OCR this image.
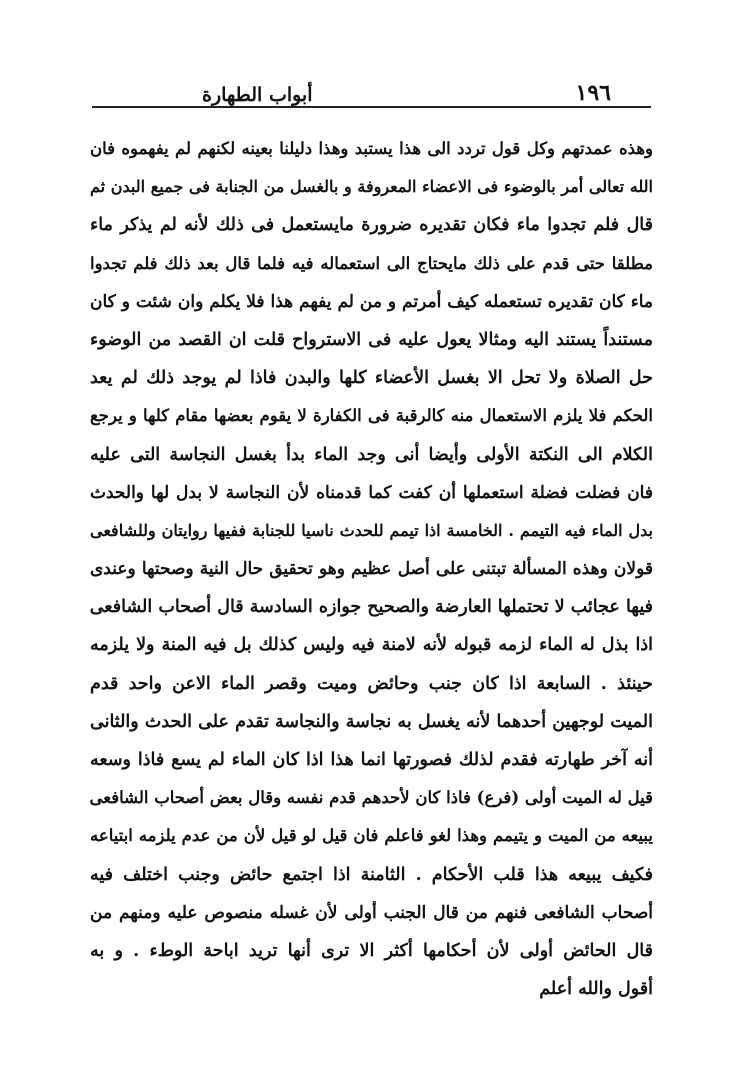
١٩٦
أبواب الطهارة
وهذه عمدتهم وكل قول تردد الى هذا يستبد وهذا دليلنا بعينه لكنهم لم يفهموه فان
الله تعالى أمر بالوضوء فى الاعضاء المعروفة و بالغسل من الجنابة فى جميع البدن ثم
قال فلم تجدوا ماء فكان تقديره ضرورة مايستعمل فى ذلك لأنه لم يذكر ماء
مطلقا حتى قدم على ذلك مايحتاج الى استعماله فيه فلما قال بعد ذلك فلم تجدوا
ماء كان تقديره تستعمله كيف أمرتم و من لم يفهم هذا فلا يكلم وان شئت و كان
مستنداً يستند اليه ومثالا يعول عليه فى الاسترواح قلت ان القصد من الوضوء
حل الصلاة ولا تحل الا بغسل الأعضاء كلها والبدن فاذا لم يوجد ذلك لم يعد
الحكم فلا يلزم الاستعمال منه كالرقبة فى الكفارة لا يقوم بعضها مقام كلها و يرجع
الكلام الى النكتة الأولى وأيضا أنى وجد الماء بدأ بغسل النجاسة التى عليه
فان فضلت فضلة استعملها أن كفت كما قدمناه لأن النجاسة لا بدل لها والحدث
بدل الماء فيه التيمم . الخامسة اذا تيمم للحدث ناسيا للجنابة ففيها روايتان وللشافعى
قولان وهذه المسألة تبتنى على أصل عظيم وهو تحقيق حال النية وصحتها وعندى
فيها عجائب لا تحتملها العارضة والصحيح جوازه السادسة قال أصحاب الشافعى
اذا بذل له الماء لزمه قبوله لأنه لامنة فيه وليس كذلك بل فيه المنة ولا يلزمه
حينئذ . السابعة اذا كان جنب وحائض وميت وقصر الماء الاعن واحد قدم
الميت لوجهين أحدهما لأنه يغسل به نجاسة والنجاسة تقدم على الحدث والثانى
أنه آخر طهارته فقدم لذلك فصورتها انما هذا اذا كان الماء لم يسع فاذا وسعه
قيل له الميت أولى (فرع) فاذا كان لأحدهم قدم نفسه وقال بعض أصحاب الشافعى
يبيعه من الميت و يتيمم وهذا لغو فاعلم فان قيل لو قيل لأن من عدم يلزمه ابتياعه
فكيف يبيعه هذا قلب الأحكام . الثامنة اذا اجتمع حائض وجنب اختلف فيه
أصحاب الشافعى فنهم من قال الجنب أولى لأن غسله منصوص عليه ومنهم من
قال الحائض أولى لأن أحكامها أكثر الا ترى أنها تريد اباحة الوطء . و به
أقول والله أعلم
